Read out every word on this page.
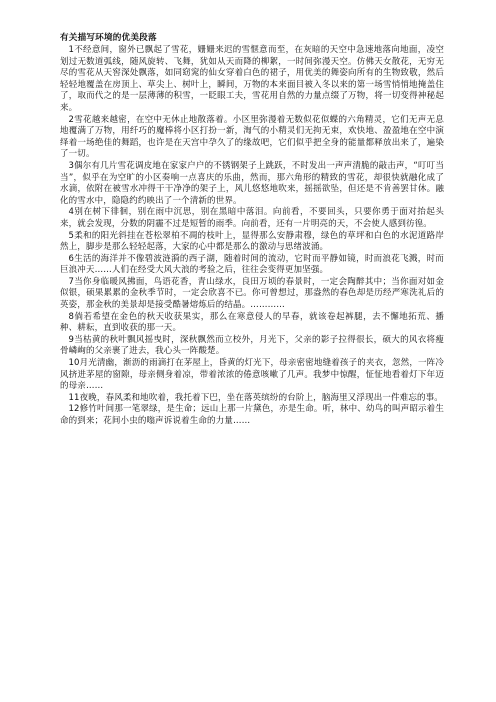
有关描写环境的优美段落

1不经意间，窗外已飘起了雪花，姗姗来迟的雪惬意而至，在灰暗的天空中急速地落向地面，凌空划过无数道弧线，随风旋转、飞舞，犹如从天而降的柳絮，一时间弥漫天空。仿佛天女散花，无穷无尽的雪花从天窖深处飘落，如同窈窕的仙女穿着白色的裙子，用优美的舞姿向所有的生物致敬，然后轻轻地覆盖在房顶上、草尖上、树叶上，瞬间，万物的本来面目被入冬以来的第一场雪悄悄地掩盖住了，取而代之的是一层薄薄的积雪，一眨眼工夫，雪花用自然的力量点缀了万物，将一切变得神秘起来。

2雪花越来越密，在空中无休止地散落着。小区里弥漫着无数似花似蝶的六角精灵，它们无声无息地覆满了万物，用纤巧的魔棒将小区打扮一新，淘气的小精灵们无拘无束，欢快地、盈盈地在空中演绎着一场绝佳的舞蹈，也许是在天宫中孕久了的缘故吧，它们似乎把全身的能量都释放出来了，遍染了一切。

3偶尔有几片雪花调皮地在家家户户的不锈钢架子上跳跃，不时发出一声声清脆的敲击声，“叮叮当当”，似乎在为空旷的小区奏响一点喜庆的乐曲，然而，那六角形的精致的雪花，却很快就融化成了水滴，依附在被雪水冲得干干净净的架子上，风儿悠悠地吹来，摇摇欲坠，但还是不肯善罢甘休。融化的雪水中，隐隐约约映出了一个清新的世界。

4别在树下徘徊，别在雨中沉思，别在黑暗中落泪。向前看，不要回头，只要你勇于面对抬起头来，就会发现，分数的阴霾不过是短暂的雨季。向前看，还有一片明亮的天，不会使人感到彷徨。

5柔和的阳光斜挂在苍松翠柏不凋的枝叶上，显得那么安静肃穆，绿色的草坪和白色的水泥道路岸然上，脚步是那么轻轻起落，大家的心中都是那么的激动与思绪波涌。

6生活的海洋并不像碧波涟漪的西子湖，随着时间的流动，它时而平静如镜，时而浪花飞溅，时而巨浪冲天……人们在经受大风大浪的考验之后，往往会变得更加坚强。

7当你身临暖风拂面，鸟语花香，青山绿水，良田万顷的春景时，一定会陶醉其中；当你面对如金似银，硕果累累的金秋季节时，一定会欣喜不已。你可曾想过，那盎然的春色却是历经严寒洗礼后的英姿，那金秋的美景却是接受酷暑熔炼后的结晶。…………

8倘若希望在金色的秋天收获果实，那么在寒意侵人的早春，就该卷起裤腿，去不懈地拓荒、播种、耕耘，直到收获的那一天。

9当枯黄的秋叶飘风摇曳时，深秋飘然而立校外，月光下，父亲的影子拉得很长，硕大的风衣将瘦骨嶙峋的父亲裹了进去，我心头一阵酸楚。

10月光清幽，渐沥的雨滴打在茅屋上，昏黄的灯光下，母亲密密地缝着孩子的夹衣，忽然，一阵冷风挤进茅屋的窗隙，母亲侧身着凉，带着浓浓的倦意咳嗽了几声。我梦中惊醒，怔怔地看着灯下年迈的母亲……

11夜晚，春风柔和地吹着，我托着下巴，坐在落英缤纷的台阶上，脑海里又浮现出一件难忘的事。

12修竹叶间那一笔翠绿，是生命；远山上那一片黛色，亦是生命。听，林中、幼鸟的叫声昭示着生命的到来；花间小虫的嗡声诉说着生命的力量……
